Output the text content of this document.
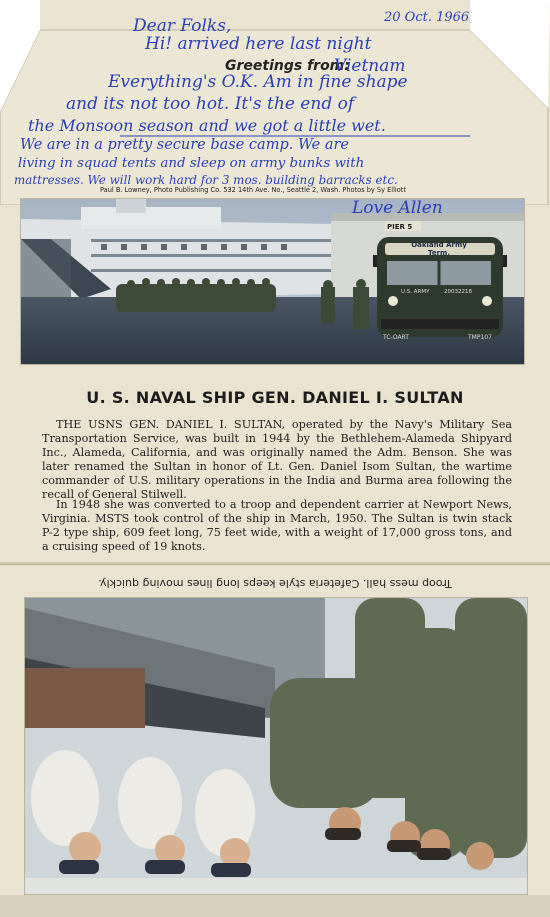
20 Oct. 1966
Dear Folks,
Hi! arrived here last night
Greetings from:
Vietnam
Everything's O.K. Am in fine shape
and its not too hot. It's the end of
the Monsoon season and we got a little wet.
We are in a pretty secure base camp. We are
living in squad tents and sleep on army bunks with
mattresses. We will work hard for 3 mos. building barracks etc.
Paul B. Lowney, Photo Publishing Co. 532 14th Ave. No., Seattle 2, Wash. Photos by Sy Elliott
Oakland Army Term.
PIER 5
U.S. ARMY	20032218
TC-OART	TMP107
Love Allen
U. S. NAVAL SHIP GEN. DANIEL I. SULTAN

THE USNS GEN. DANIEL I. SULTAN, operated by the Navy's Military Sea Transportation Service, was built in 1944 by the Bethlehem-Alameda Shipyard Inc., Alameda, California, and was originally named the Adm. Benson. She was later renamed the Sultan in honor of Lt. Gen. Daniel Isom Sultan, the wartime commander of U.S. military operations in the India and Burma area following the recall of General Stilwell.

In 1948 she was converted to a troop and dependent carrier at Newport News, Virginia. MSTS took control of the ship in March, 1950. The Sultan is twin stack P-2 type ship, 609 feet long, 75 feet wide, with a weight of 17,000 gross tons, and a cruising speed of 19 knots.

Troop mess hall. Cafeteria style keeps long lines moving quickly.
